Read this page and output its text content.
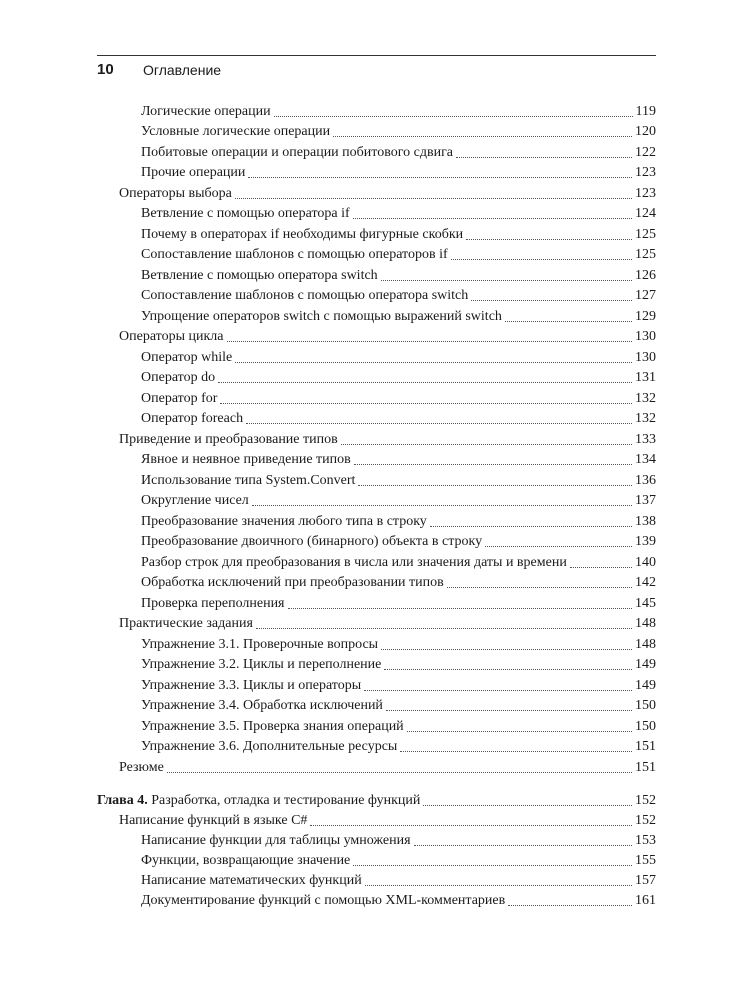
10 Оглавление
Логические операции	119
Условные логические операции	120
Побитовые операции и операции побитового сдвига	122
Прочие операции	123
Операторы выбора	123
Ветвление с помощью оператора if	124
Почему в операторах if необходимы фигурные скобки	125
Сопоставление шаблонов с помощью операторов if	125
Ветвление с помощью оператора switch	126
Сопоставление шаблонов с помощью оператора switch	127
Упрощение операторов switch с помощью выражений switch	129
Операторы цикла	130
Оператор while	130
Оператор do	131
Оператор for	132
Оператор foreach	132
Приведение и преобразование типов	133
Явное и неявное приведение типов	134
Использование типа System.Convert	136
Округление чисел	137
Преобразование значения любого типа в строку	138
Преобразование двоичного (бинарного) объекта в строку	139
Разбор строк для преобразования в числа или значения даты и времени	140
Обработка исключений при преобразовании типов	142
Проверка переполнения	145
Практические задания	148
Упражнение 3.1. Проверочные вопросы	148
Упражнение 3.2. Циклы и переполнение	149
Упражнение 3.3. Циклы и операторы	149
Упражнение 3.4. Обработка исключений	150
Упражнение 3.5. Проверка знания операций	150
Упражнение 3.6. Дополнительные ресурсы	151
Резюме	151
Глава 4. Разработка, отладка и тестирование функций	152
Написание функций в языке C#	152
Написание функции для таблицы умножения	153
Функции, возвращающие значение	155
Написание математических функций	157
Документирование функций с помощью XML-комментариев	161
